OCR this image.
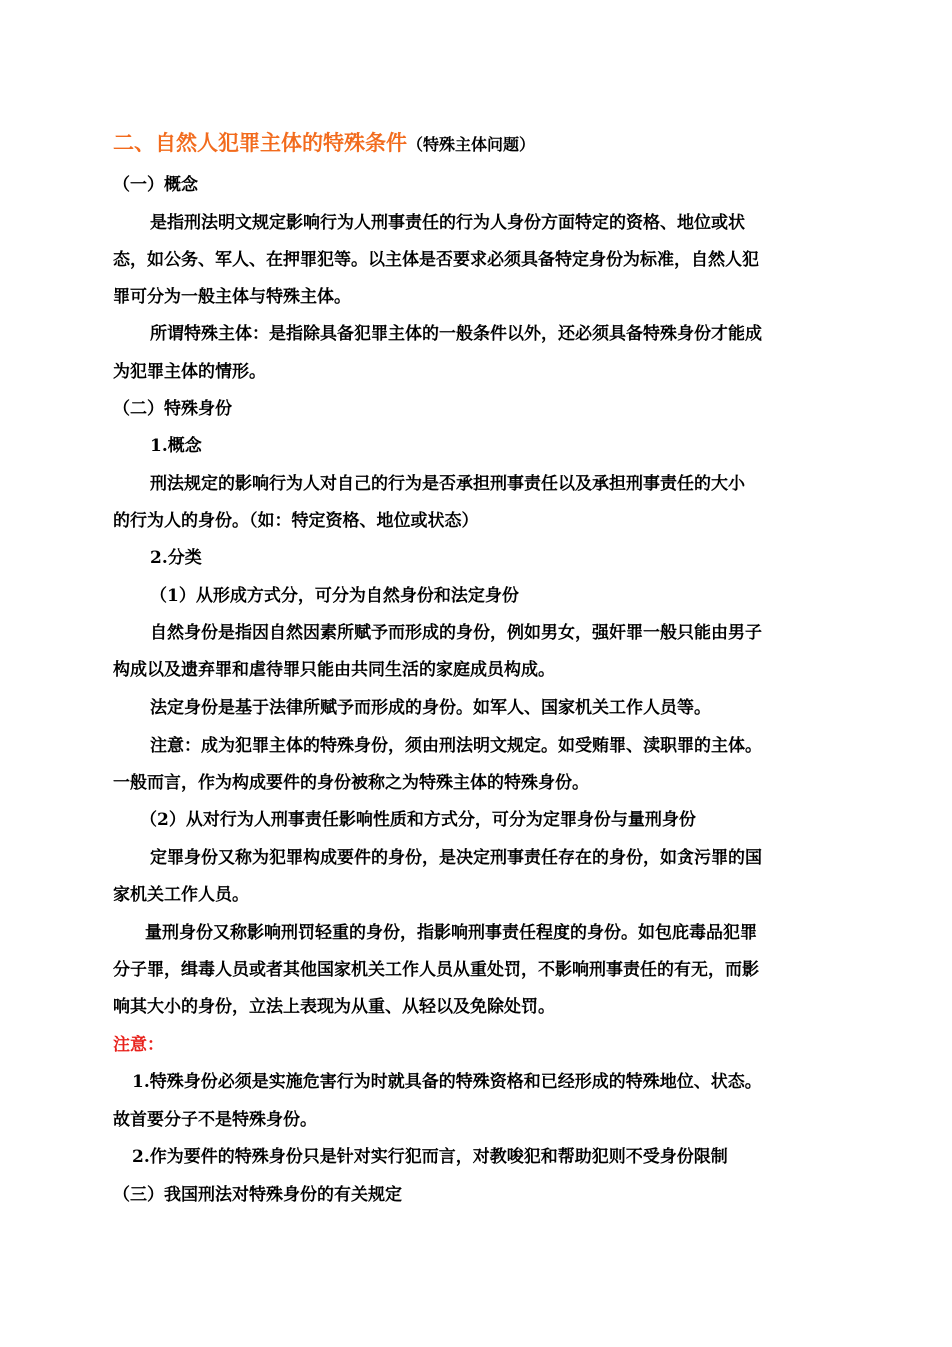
二、自然人犯罪主体的特殊条件（特殊主体问题）
（一）概念
是指刑法明文规定影响行为人刑事责任的行为人身份方面特定的资格、地位或状
态，如公务、军人、在押罪犯等。以主体是否要求必须具备特定身份为标准，自然人犯
罪可分为一般主体与特殊主体。
所谓特殊主体：是指除具备犯罪主体的一般条件以外，还必须具备特殊身份才能成
为犯罪主体的情形。
（二）特殊身份
1.概念
刑法规定的影响行为人对自己的行为是否承担刑事责任以及承担刑事责任的大小
的行为人的身份。（如：特定资格、地位或状态）
2.分类
（1）从形成方式分，可分为自然身份和法定身份
自然身份是指因自然因素所赋予而形成的身份，例如男女，强奸罪一般只能由男子
构成以及遗弃罪和虐待罪只能由共同生活的家庭成员构成。
法定身份是基于法律所赋予而形成的身份。如军人、国家机关工作人员等。
注意：成为犯罪主体的特殊身份，须由刑法明文规定。如受贿罪、渎职罪的主体。
一般而言，作为构成要件的身份被称之为特殊主体的特殊身份。
（2）从对行为人刑事责任影响性质和方式分，可分为定罪身份与量刑身份
定罪身份又称为犯罪构成要件的身份，是决定刑事责任存在的身份，如贪污罪的国
家机关工作人员。
量刑身份又称影响刑罚轻重的身份，指影响刑事责任程度的身份。如包庇毒品犯罪
分子罪，缉毒人员或者其他国家机关工作人员从重处罚，不影响刑事责任的有无，而影
响其大小的身份，立法上表现为从重、从轻以及免除处罚。
注意：
1.特殊身份必须是实施危害行为时就具备的特殊资格和已经形成的特殊地位、状态。
故首要分子不是特殊身份。
2.作为要件的特殊身份只是针对实行犯而言，对教唆犯和帮助犯则不受身份限制
（三）我国刑法对特殊身份的有关规定
